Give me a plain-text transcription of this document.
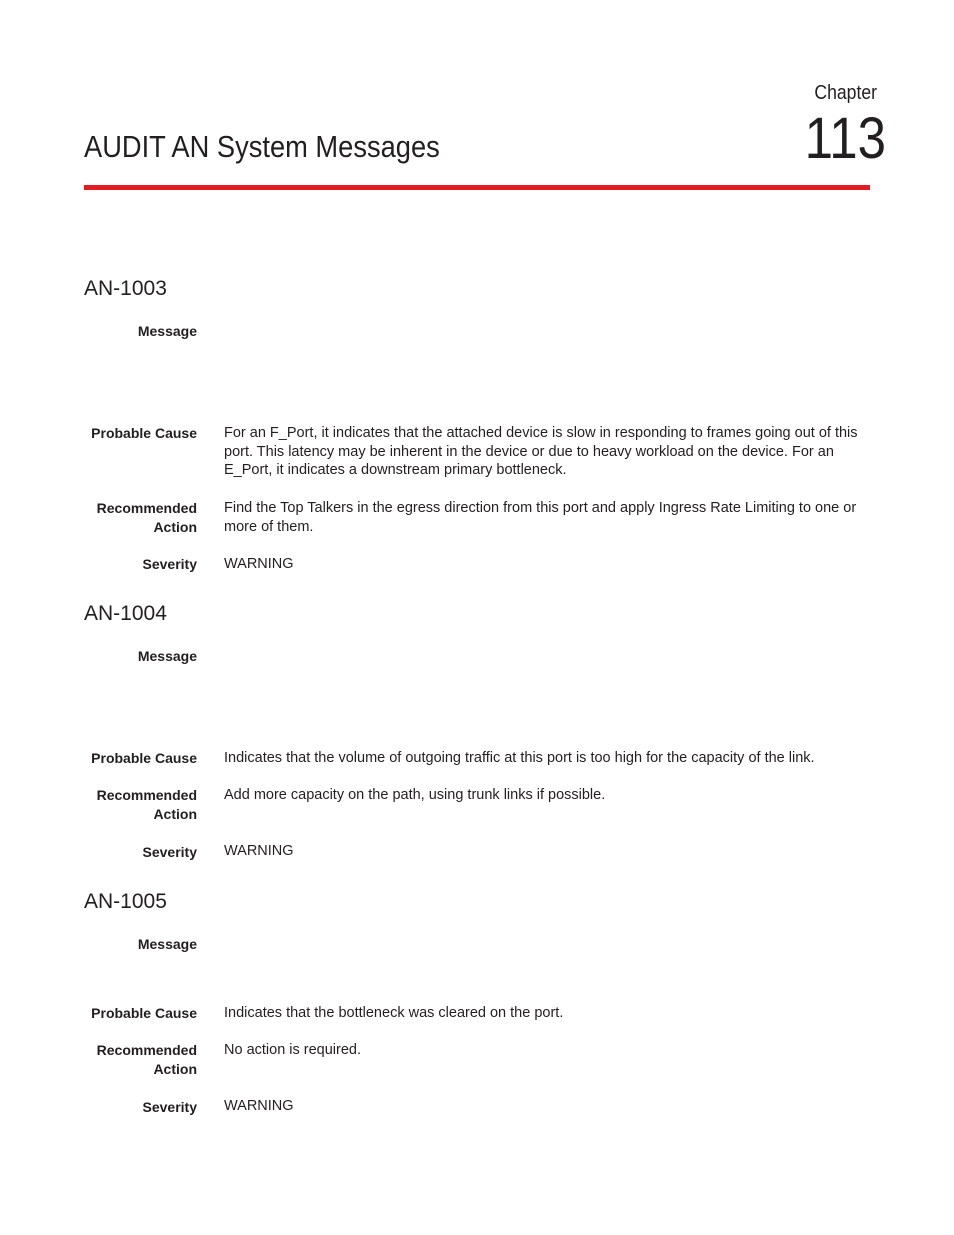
Chapter
113
AUDIT AN System Messages
AN-1003
Message
Probable Cause For an F_Port, it indicates that the attached device is slow in responding to frames going out of this port. This latency may be inherent in the device or due to heavy workload on the device. For an E_Port, it indicates a downstream primary bottleneck.
Recommended
Action
Find the Top Talkers in the egress direction from this port and apply Ingress Rate Limiting to one or more of them.
Severity WARNING
AN-1004
Message
Probable Cause Indicates that the volume of outgoing traffic at this port is too high for the capacity of the link.
Recommended
Action
Add more capacity on the path, using trunk links if possible.
Severity WARNING
AN-1005
Message
Probable Cause Indicates that the bottleneck was cleared on the port.
Recommended
Action
No action is required.
Severity WARNING
